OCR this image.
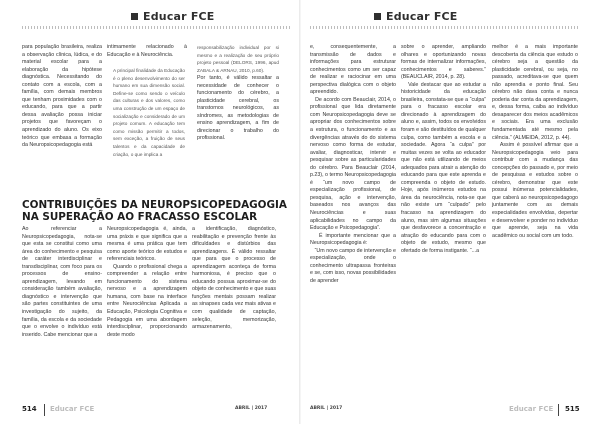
Educar FCE
para população brasileira, realiza a observação clínica, lúdica, e do material escolar para a elaboração da hipótese diagnóstica. Necessitando do contato com a escola, com a família, com demais membros que tenham proximidades com o educando, para que a partir dessa avaliação possa iniciar projetos que favoreçam o aprendizado do aluno. Os eixo teórico que embasa a formação da Neuropsicopedagogia está
intimamente relacionado à Educação e à Neurociência.
A principal finalidade da Educação é o pleno desenvolvimento do ser humano em sua dimensão social. Define-se como sendo o veículo das culturas e dos valores, como uma construção de um espaço de socialização e considerado de um projeto comum. A educação tem como missão permitir a todos, sem exceção, a fruição de seus talentos e da capacidade de criação, o que implica a
responsabilização individual por si mesmo e a realização de seu próprio projeto pessoal (DELORS, 1996, apud ZABALA & ARNAU, 2010, p.60).
Por tanto, é válido ressaltar a necessidade de conhecer o funcionamento do cérebro, a plasticidade cerebral, os transtornos neurológicos, as síndromes, as metodologias de ensino aprendizagem, a fim de direcionar o trabalho do profissional.
CONTRIBUIÇÕES DA NEUROPSICOPEDAGOGIA
NA SUPERAÇÃO AO FRACASSO ESCOLAR
Ao referenciar a Neuropsicopedagogia, nota-se que esta se constitui como uma área do conhecimento e pesquisa de caráter interdisciplinar e transdisciplinar, com foco para os processos de ensino-aprendizagem, levando em consideração também avaliação, diagnóstico e intervenção que são partes constituintes de uma investigação do sujeito, da família, da escola e da sociedade que o envolve o indivíduo está inserido. Cabe mencionar que a
Neuropsicopedagogia é, ainda, uma práxis e que significa que a mesma é uma prática que tem como aporte teórico de estudos e referenciais teóricos.
Quando o profissional chega a compreender a relação entre funcionamento do sistema nervoso e a aprendizagem humana, com base na interface entre Neurociências Aplicada a Educação, Psicologia Cognitiva e Pedagogia em uma abordagem interdisciplinar, proporcionando deste modo
a identificação, diagnóstico, reabilitação e prevenção frente às dificuldades e distúrbios das aprendizagens. É válido ressaltar que para que o processo de aprendizagem aconteça de forma harmoniosa, é preciso que o educando possua aproximar-se do objeto de conhecimento e que suas funções mentais possam realizar as sinapses cada vez mais ativas e com qualidade de captação, seleção, memorização, armazenamento,
514 Educar FCE	ABRIL | 2017
Educar FCE
e, consequentemente, a transmissão de dados e informações para estruturar conhecimentos como um ser capaz de realizar e raciocinar em uma perspectiva dialógica com o objeto apreendido.
De acordo com Beauclair, 2014, o profissional que lida diretamente com Neuropsicopedagogia deve se apropriar dos conhecimentos sobre a estrutura, o funcionamento e as divergências através do do sistema nervoso como forma de estudar, avaliar, diagnosticar, intervir e pesquisar sobre as particularidades do cérebro. Para Beauclair (2014, p.23), o termo Neuropsicopedagogia é “um novo campo de especialização profissional, de pesquisa, ação e intervenção, baseados nos avanços das Neurociências e suas aplicabilidades no campo da Educação e Psicopedagogia”.
É importante mencionar que a Neuropsicopedagogia é:
“Um novo campo de intervenção e especialização, onde o conhecimento ultrapassa fronteiras e se, com isso, novas possibilidades de aprender
sobre o aprender, ampliando olhares e oportunizando novas formas de internalizar informações, conhecimentos e saberes.” (BEAUCLAIR, 2014, p. 28).
Vale destacar que ao estudar a historicidade da educação brasileira, constata-se que a “culpa” para o fracasso escolar era direcionado à aprendizagem do aluno e, assim, todos os envolvidos foram e são destituídos de qualquer culpa, como também a escola e a sociedade. Agora “a culpa” por muitas vezes se volta ao educador que não está utilizando de meios adequados para atrair a atenção do educando para que este aprenda e compreenda o objeto de estudo. Hoje, após inúmeros estudos na área da neurociência, nota-se que não existe um “culpado” pelo fracasso na aprendizagem do aluno, mas sim algumas situações que desfavorece a concentração e atração do educando para com o objeto de estudo, mesmo que ofertado de forma instigante. “...a
melhor é a mais importante descoberta da ciência que estudo o cérebro seja a questão da plasticidade cerebral, ou seja, no passado, acreditava-se que quem não aprendia e ponto final. Seu cérebro não dava conta e nunca poderia dar conta da aprendizagem, e, dessa forma, caiba ao indivíduo desaparecer dos meios acadêmicos e sociais. Era uma exclusão fundamentada até mesmo pela ciência.” (ALMEIDA, 2012, p. 44).
Assim é possível afirmar que a Neuropsicopedagogia veio para contribuir com a mudança das concepções do passado e, por meio de pesquisas e estudos sobre o cérebro, demonstrar que este possui inúmeras potencialidades, que caberá ao neuropsicopedagogo juntamente com as demais especialidades envolvidas, depertar e desenvolver e ponder no indivíduo que aprende, seja na vida acadêmico ou social com um todo.
ABRIL | 2017	Educar FCE 515
